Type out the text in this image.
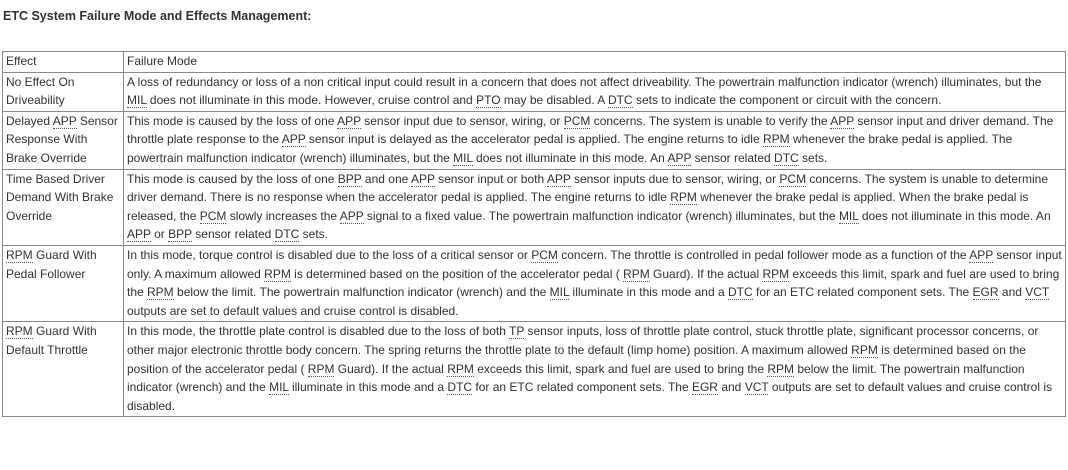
ETC System Failure Mode and Effects Management:
Effect	Failure Mode
No Effect On Driveability	A loss of redundancy or loss of a non critical input could result in a concern that does not affect driveability. The powertrain malfunction indicator (wrench) illuminates, but the MIL does not illuminate in this mode. However, cruise control and PTO may be disabled. A DTC sets to indicate the component or circuit with the concern.
Delayed APP Sensor Response With Brake Override	This mode is caused by the loss of one APP sensor input due to sensor, wiring, or PCM concerns. The system is unable to verify the APP sensor input and driver demand. The throttle plate response to the APP sensor input is delayed as the accelerator pedal is applied. The engine returns to idle RPM whenever the brake pedal is applied. The powertrain malfunction indicator (wrench) illuminates, but the MIL does not illuminate in this mode. An APP sensor related DTC sets.
Time Based Driver Demand With Brake Override	This mode is caused by the loss of one BPP and one APP sensor input or both APP sensor inputs due to sensor, wiring, or PCM concerns. The system is unable to determine driver demand. There is no response when the accelerator pedal is applied. The engine returns to idle RPM whenever the brake pedal is applied. When the brake pedal is released, the PCM slowly increases the APP signal to a fixed value. The powertrain malfunction indicator (wrench) illuminates, but the MIL does not illuminate in this mode. An APP or BPP sensor related DTC sets.
RPM Guard With Pedal Follower	In this mode, torque control is disabled due to the loss of a critical sensor or PCM concern. The throttle is controlled in pedal follower mode as a function of the APP sensor input only. A maximum allowed RPM is determined based on the position of the accelerator pedal ( RPM Guard). If the actual RPM exceeds this limit, spark and fuel are used to bring the RPM below the limit. The powertrain malfunction indicator (wrench) and the MIL illuminate in this mode and a DTC for an ETC related component sets. The EGR and VCT outputs are set to default values and cruise control is disabled.
RPM Guard With Default Throttle	In this mode, the throttle plate control is disabled due to the loss of both TP sensor inputs, loss of throttle plate control, stuck throttle plate, significant processor concerns, or other major electronic throttle body concern. The spring returns the throttle plate to the default (limp home) position. A maximum allowed RPM is determined based on the position of the accelerator pedal ( RPM Guard). If the actual RPM exceeds this limit, spark and fuel are used to bring the RPM below the limit. The powertrain malfunction indicator (wrench) and the MIL illuminate in this mode and a DTC for an ETC related component sets. The EGR and VCT outputs are set to default values and cruise control is disabled.
